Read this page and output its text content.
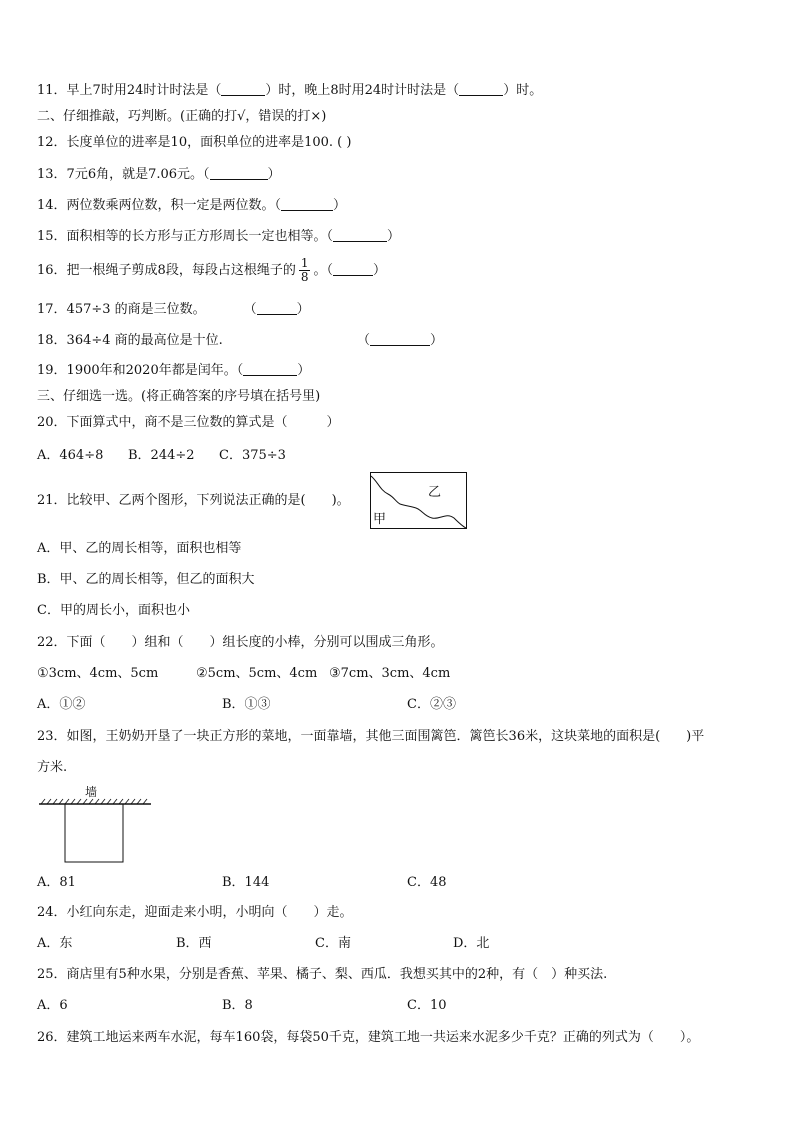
11．早上7时用24时计时法是（	）时，晚上8时用24时计时法是（	）时。
二、仔细推敲，巧判断。(正确的打√，错误的打×)
12．长度单位的进率是10，面积单位的进率是100. ( )
13．7元6角，就是7.06元。（	）
14．两位数乘两位数，积一定是两位数。（	）
15．面积相等的长方形与正方形周长一定也相等。（	）
16．把一根绳子剪成8段，每段占这根绳子的 $\frac{1}{8}$ 。（	）
17．457÷3 的商是三位数。	（	）
18．364÷4 商的最高位是十位.	（	）
19．1900年和2020年都是闰年。（	）
三、仔细选一选。(将正确答案的序号填在括号里)
20．下面算式中，商不是三位数的算式是（　　　）
A．464÷8 B．244÷2 C．375÷3
21．比较甲、乙两个图形，下列说法正确的是(　　)。
乙
甲
A．甲、乙的周长相等，面积也相等
B．甲、乙的周长相等，但乙的面积大
C．甲的周长小，面积也小
22．下面（　　）组和（　　）组长度的小棒，分别可以围成三角形。
①3cm、4cm、5cm	②5cm、5cm、4cm ③7cm、3cm、4cm
A．①②	B．①③	C．②③
23．如图，王奶奶开垦了一块正方形的菜地，一面靠墙，其他三面围篱笆．篱笆长36米，这块菜地的面积是(　　)平
方米.
墙
A．81	B．144	C．48
24．小红向东走，迎面走来小明，小明向（　　）走。
A．东	B．西	C．南	D．北
25．商店里有5种水果，分别是香蕉、苹果、橘子、梨、西瓜．我想买其中的2种，有（　）种买法.
A．6	B．8	C．10
26．建筑工地运来两车水泥，每车160袋，每袋50千克，建筑工地一共运来水泥多少千克？正确的列式为（　　）。
